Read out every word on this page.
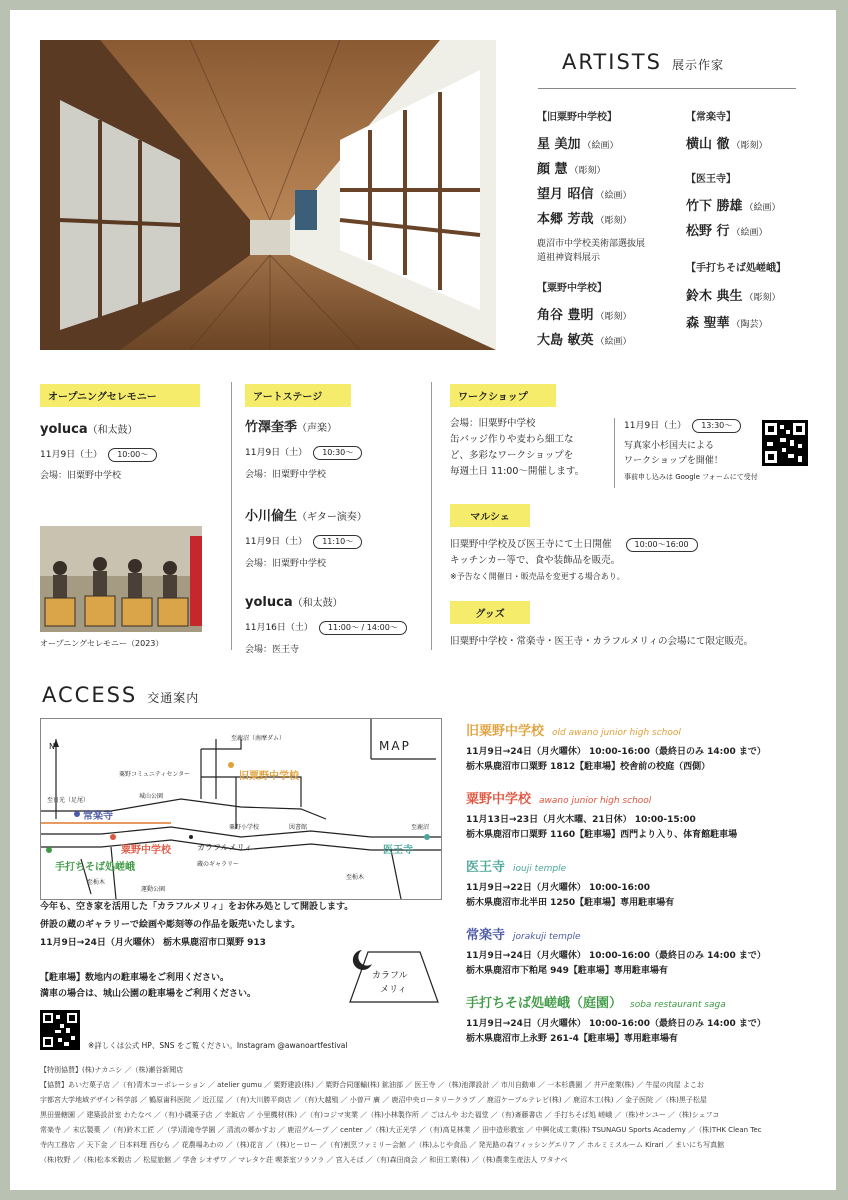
ARTISTS 展示作家
【旧粟野中学校】
星 美加 （絵画）
顔 慧 （彫刻）
望月 昭信 （絵画）
本郷 芳哉 （彫刻）
鹿沼市中学校美術部選抜展
道祖神資料展示
【粟野中学校】
角谷 豊明 （彫刻）
大島 敏英 （絵画）
【常楽寺】
横山 徹 （彫刻）
【医王寺】
竹下 勝雄 （絵画）
松野 行 （絵画）
【手打ちそば処嵯峨】
鈴木 典生 （彫刻）
森 聖華 （陶芸）
オープニングセレモニー
yoluca（和太鼓）
11月9日（土） 10:00〜
会場：旧粟野中学校
オープニングセレモニー（2023）
アートステージ
竹澤奎季（声楽）
11月9日（土） 10:30〜
会場：旧粟野中学校
小川倫生（ギター演奏）
11月9日（土） 11:10〜
会場：旧粟野中学校
yoluca（和太鼓）
11月16日（土） 11:00〜 / 14:00〜
会場：医王寺
ワークショップ
会場：旧粟野中学校
缶バッジ作りや麦わら細工な
ど、多彩なワークショップを
毎週土日 11:00〜開催します。
11月9日（土） 13:30〜
写真家小杉国夫による
ワークショップを開催！
事前申し込みは Google フォームにて受付
マルシェ
旧粟野中学校及び医王寺にて土日開催	10:00〜16:00
キッチンカー等で、食や装飾品を販売。
※予告なく開催日・販売品を変更する場合あり。
グッズ
旧粟野中学校・常楽寺・医王寺・カラフルメリィの会場にて限定販売。
ACCESS 交通案内
N	MAP
至鹿沼（南摩ダム）
粟野コミュニティセンター	旧粟野中学校
至日光（足尾）
常楽寺
城山公園
粟野小学校	図書館	至鹿沼
粟野中学校	カラフルメリィ
蔵のギャラリー
医王寺
手打ちそば処嵯峨
至栃木
至栃木
運動公園
旧粟野中学校 old awano junior high school
11月9日→24日（月火曜休） 10:00-16:00（最終日のみ 14:00 まで）
栃木県鹿沼市口粟野 1812【駐車場】校舎前の校庭（西側）
粟野中学校 awano junior high school
11月13日→23日（月火木曜、21日休） 10:00-15:00
栃木県鹿沼市口粟野 1160【駐車場】西門より入り、体育館駐車場
医王寺 iouji temple
11月9日→22日（月火曜休） 10:00-16:00
栃木県鹿沼市北半田 1250【駐車場】専用駐車場有
常楽寺 jorakuji temple
11月9日→24日（月火曜休） 10:00-16:00（最終日のみ 14:00 まで）
栃木県鹿沼市下粕尾 949【駐車場】専用駐車場有
手打ちそば処嵯峨（庭園） soba restaurant saga
11月9日→24日（月火曜休） 10:00-16:00（最終日のみ 14:00 まで）
栃木県鹿沼市上永野 261-4【駐車場】専用駐車場有
今年も、空き家を活用した「カラフルメリィ」をお休み処として開設します。
併設の蔵のギャラリーで絵画や彫刻等の作品を販売いたします。
11月9日→24日（月火曜休） 栃木県鹿沼市口粟野 913
カラフル
メリィ
【駐車場】数地内の駐車場をご利用ください。
満車の場合は、城山公園の駐車場をご利用ください。
※詳しくは公式 HP、SNS をご覧ください。Instagram @awanoartfestival
【特別協賛】(株)ナカニシ ／（株)瀬谷新聞店
【協賛】あいだ菓子店 ／（有)青木コーポレーション ／ atelier gumu ／ 粟野建設(株) ／ 粟野合同運輸(株) 鉱油部 ／ 医王寺 ／（株)池澤設計 ／ 市川自動車 ／ 一本杉農園 ／ 井戸産業(株) ／ 牛屋の肉屋 よこお
宇都宮大学地域デザイン科学部 ／ 鶴原歯科医院 ／ 近江屋 ／（有)大川勝平商店 ／（有)大越殖 ／ 小曽戸 廣 ／ 鹿沼中央ロータリークラブ ／ 鹿沼ケーブルテレビ(株) ／ 鹿沼木工(株) ／ 金子医院 ／（株)黒子松屋
黒田畳轄園 ／ 建築設計室 わたなべ ／（有)小磯薬子店 ／ 幸飯店 ／ 小里機材(株) ／（有)コジマ実業 ／（株)小林製作所 ／ ごはんや おた福堂 ／（有)斎藤書店 ／ 手打ちそば処 嵯峨 ／（株)サンユー ／（株)シェフコ
常楽寺 ／ 末広製菓 ／（有)鈴木工匠 ／（学)清滝寺学園 ／ 清流の郷かすお ／ 鹿沼グループ ／ center ／（株)大正光学 ／（有)高見林業 ／ 田中造形教室 ／ 中興化成工業(株) TSUNAGU Sports Academy ／（株)THK Clean Tec
寺内工務店 ／ 天下金 ／ 日本料理 西むら ／ 花農場あわの ／（株)花言 ／（株)ヒーロー ／（有)割烹ファミリー会館 ／（株)ふじや食品 ／ 発光路の森フィッシングエリア ／ ホルミミスルーム Kirari ／ まいにち写真館
（株)牧野 ／（株)松本米穀店 ／ 松屋旅館 ／ 学舎 シオザワ ／ マレタケ荘 喫茶室ソラソラ ／ 宮入そば ／（有)森田商会 ／ 和田工業(株) ／（株)農業生産法人 ワタナベ
